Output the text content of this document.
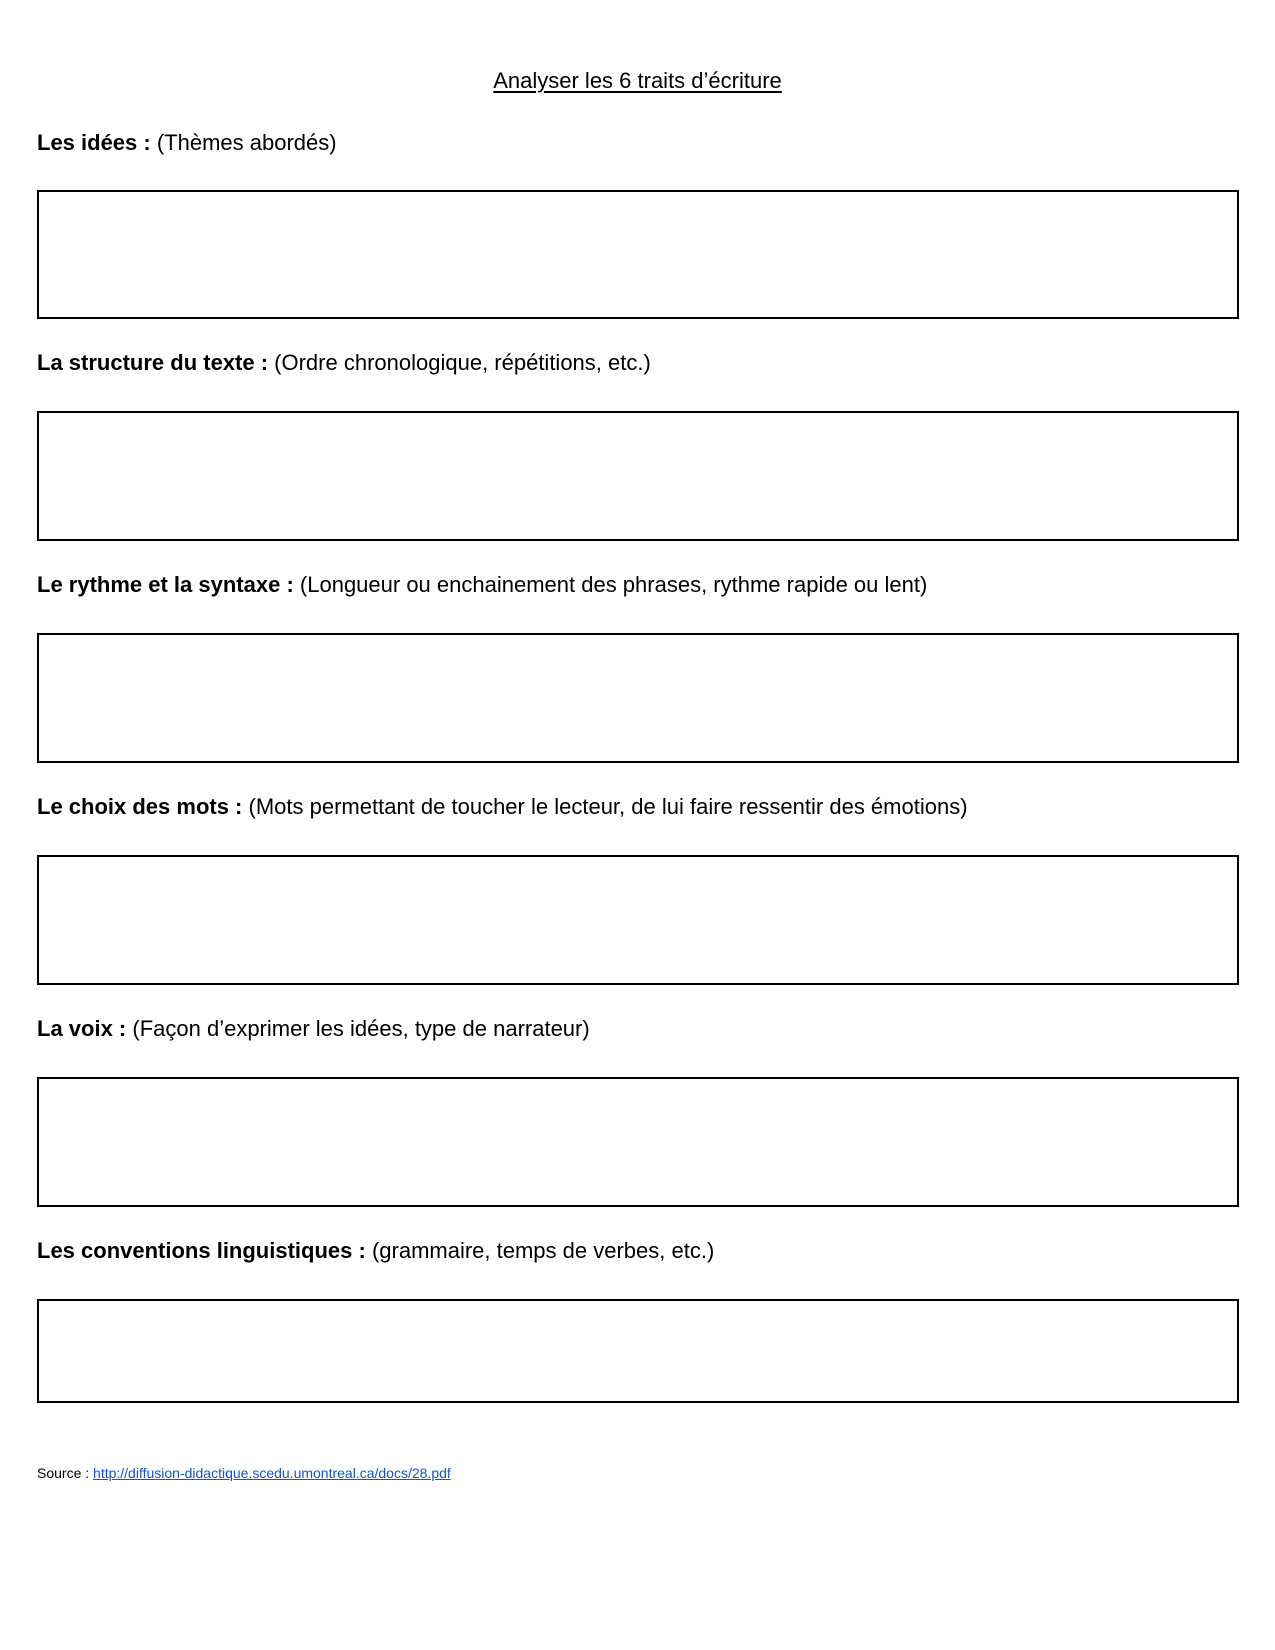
Analyser les 6 traits d’écriture
Les idées : (Thèmes abordés)
La structure du texte : (Ordre chronologique, répétitions, etc.)
Le rythme et la syntaxe : (Longueur ou enchainement des phrases, rythme rapide ou lent)
Le choix des mots : (Mots permettant de toucher le lecteur, de lui faire ressentir des émotions)
La voix : (Façon d’exprimer les idées, type de narrateur)
Les conventions linguistiques : (grammaire, temps de verbes, etc.)
Source : http://diffusion-didactique.scedu.umontreal.ca/docs/28.pdf
